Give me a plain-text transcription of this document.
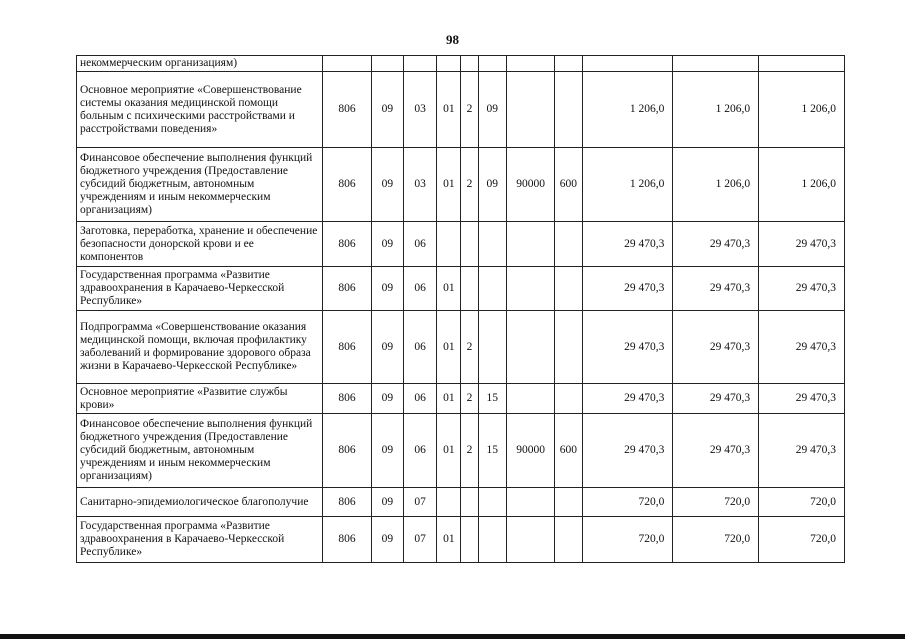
98
некоммерческим организациям)											
Основное мероприятие «Совершенствование системы оказания медицинской помощи больным с психическими расстройствами и расстройствами поведения»	806	09	03	01	2	09			1 206,0	1 206,0	1 206,0
Финансовое обеспечение выполнения функций бюджетного учреждения (Предоставление субсидий бюджетным, автономным учреждениям и иным некоммерческим организациям)	806	09	03	01	2	09	90000	600	1 206,0	1 206,0	1 206,0
Заготовка, переработка, хранение и обеспечение безопасности донорской крови и ее компонентов	806	09	06						29 470,3	29 470,3	29 470,3
Государственная программа «Развитие здравоохранения в Карачаево-Черкесской Республике»	806	09	06	01					29 470,3	29 470,3	29 470,3
Подпрограмма «Совершенствование оказания медицинской помощи, включая профилактику заболеваний и формирование здорового образа жизни в Карачаево-Черкесской Республике»	806	09	06	01	2				29 470,3	29 470,3	29 470,3
Основное мероприятие «Развитие службы крови»	806	09	06	01	2	15			29 470,3	29 470,3	29 470,3
Финансовое обеспечение выполнения функций бюджетного учреждения (Предоставление субсидий бюджетным, автономным учреждениям и иным некоммерческим организациям)	806	09	06	01	2	15	90000	600	29 470,3	29 470,3	29 470,3
Санитарно-эпидемиологическое благополучие	806	09	07						720,0	720,0	720,0
Государственная программа «Развитие здравоохранения в Карачаево-Черкесской Республике»	806	09	07	01					720,0	720,0	720,0
